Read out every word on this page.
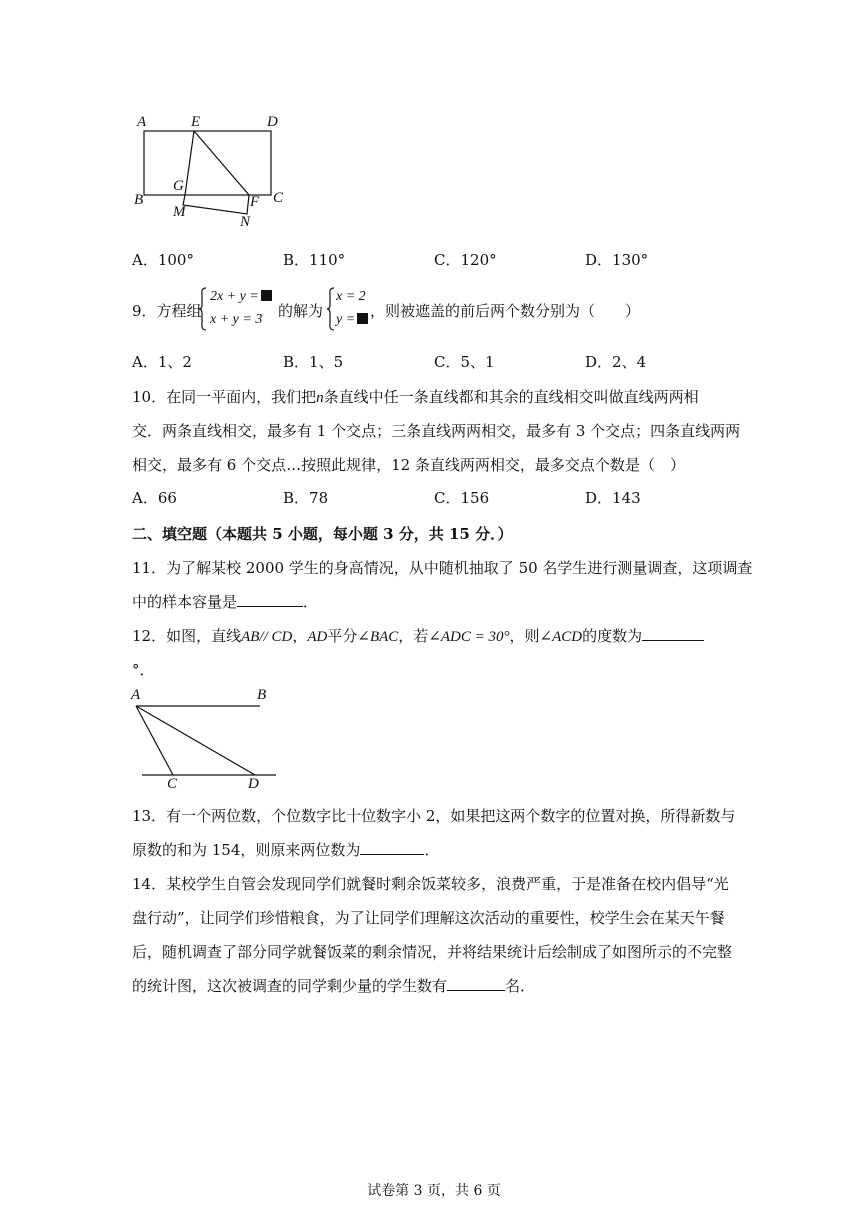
A	E	D
G
B
M
F C
N
A．100°	B．110°	C．120°	D．130°
9．方程组
2x + y =
x + y = 3 的解为
x = 2
y = ，则被遮盖的前后两个数分别为（　　）
A．1、2	B．1、5	C．5、1	D．2、4
10．在同一平面内，我们把n条直线中任一条直线都和其余的直线相交叫做直线两两相
交．两条直线相交，最多有 1 个交点；三条直线两两相交，最多有 3 个交点；四条直线两两
相交，最多有 6 个交点…按照此规律，12 条直线两两相交，最多交点个数是（　）
A．66	B．78	C．156	D．143
二、填空题（本题共 5 小题，每小题 3 分，共 15 分．）
11．为了解某校 2000 学生的身高情况，从中随机抽取了 50 名学生进行测量调查，这项调查
中的样本容量是	．
12．如图，直线AB// CD，AD平分∠BAC，若∠ADC = 30°，则∠ACD的度数为
°．
A	B
C	D
13．有一个两位数，个位数字比十位数字小 2，如果把这两个数字的位置对换，所得新数与
原数的和为 154，则原来两位数为	．
14．某校学生自管会发现同学们就餐时剩余饭菜较多，浪费严重，于是准备在校内倡导“光
盘行动”，让同学们珍惜粮食，为了让同学们理解这次活动的重要性，校学生会在某天午餐
后，随机调查了部分同学就餐饭菜的剩余情况，并将结果统计后绘制成了如图所示的不完整
的统计图，这次被调查的同学剩少量的学生数有	名．
试卷第 3 页，共 6 页
